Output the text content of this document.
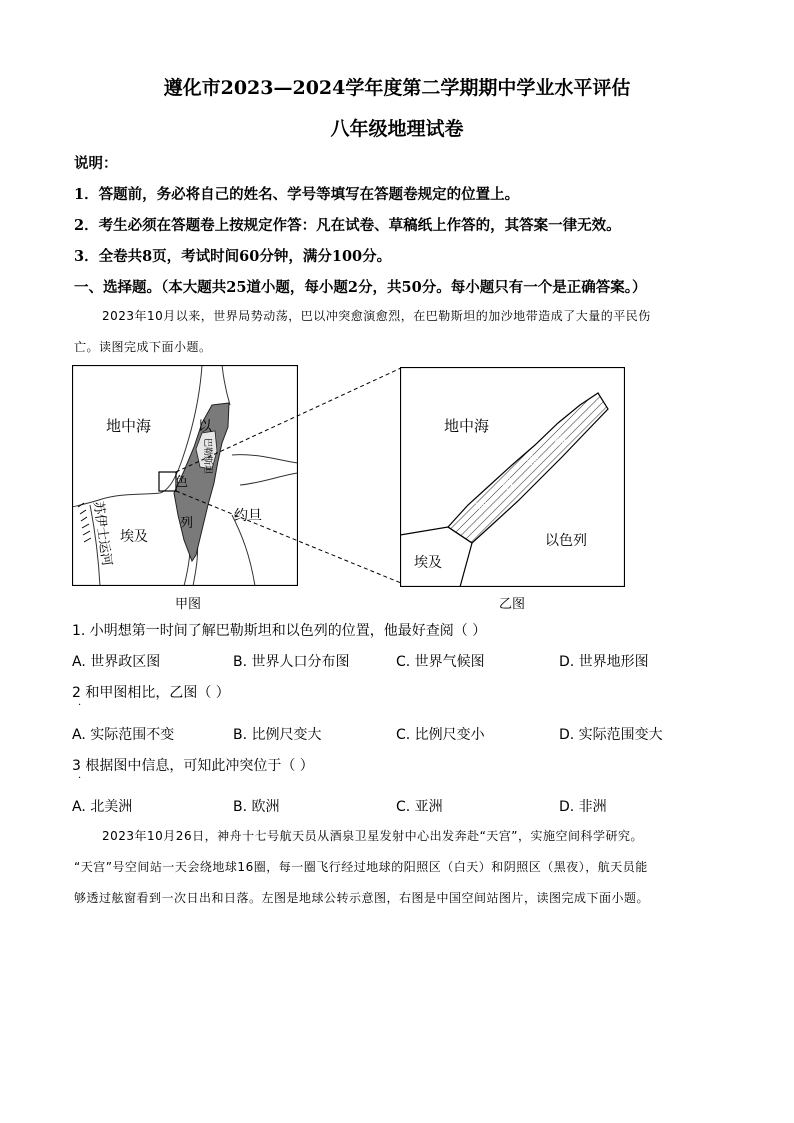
遵化市2023—2024学年度第二学期期中学业水平评估
八年级地理试卷
说明：
1．答题前，务必将自己的姓名、学号等填写在答题卷规定的位置上。
2．考生必须在答题卷上按规定作答：凡在试卷、草稿纸上作答的，其答案一律无效。
3．全卷共8页，考试时间60分钟，满分100分。
一、选择题。（本大题共25道小题，每小题2分，共50分。每小题只有一个是正确答案。）
2023年10月以来，世界局势动荡，巴以冲突愈演愈烈，在巴勒斯坦的加沙地带造成了大量的平民伤
亡。读图完成下面小题。
地中海	以
色
列
巴勒斯坦
约旦
埃及
苏伊士运河
甲图
地中海
加
沙
地
带
以色列
埃及
乙图
1. 小明想第一时间了解巴勒斯坦和以色列的位置，他最好查阅（ ）
A. 世界政区图	B. 世界人口分布图	C. 世界气候图	D. 世界地形图
2 和甲图相比，乙图（ ）
·
A. 实际范围不变	B. 比例尺变大	C. 比例尺变小	D. 实际范围变大
3 根据图中信息，可知此冲突位于（ ）
·
A. 北美洲	B. 欧洲	C. 亚洲	D. 非洲
2023年10月26日，神舟十七号航天员从酒泉卫星发射中心出发奔赴“天宫”，实施空间科学研究。
“天宫”号空间站一天会绕地球16圈，每一圈飞行经过地球的阳照区（白天）和阴照区（黑夜），航天员能
够透过舷窗看到一次日出和日落。左图是地球公转示意图，右图是中国空间站图片，读图完成下面小题。
